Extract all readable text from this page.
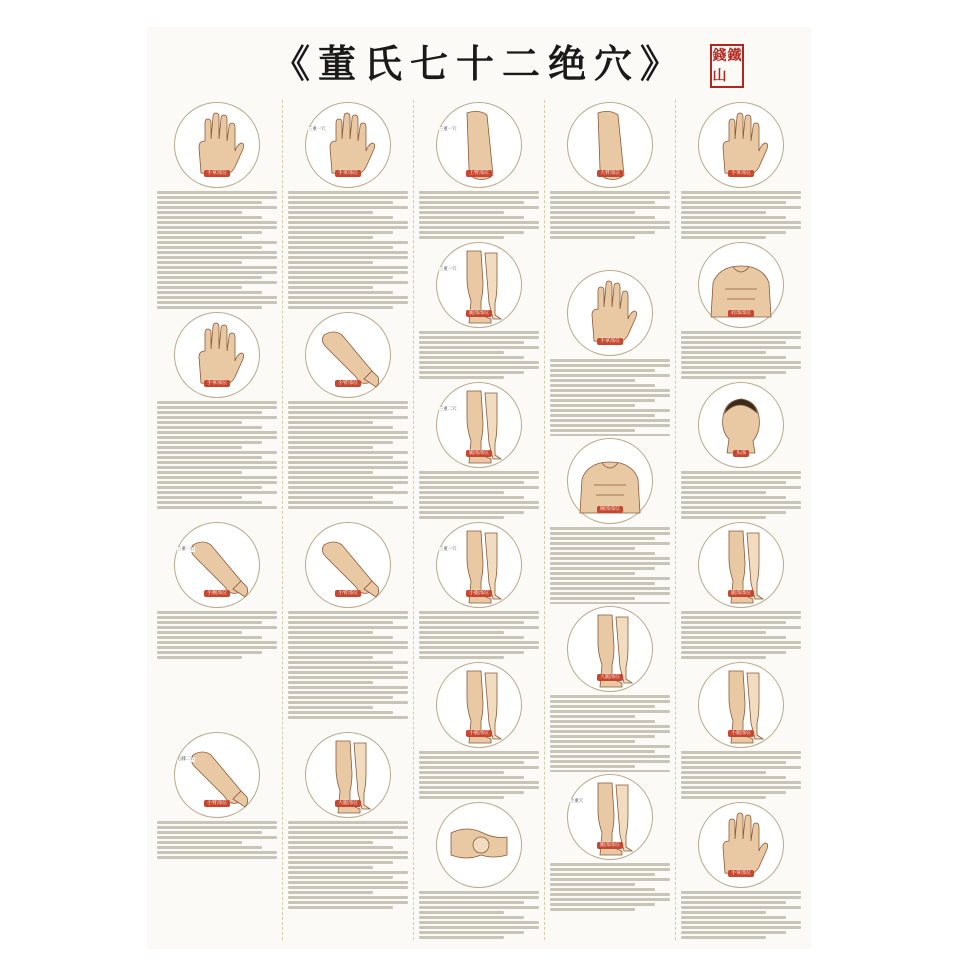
《董氏七十二绝穴》	錢 鐵
山
手掌部位
手掌部位
三重一穴
手腕部位
心膝二穴
小臂部位
三重一穴
手掌部位
小臂部位
小臂部位
大腿部位
三重一穴
上臂部位
三重一穴
腿部部位
三重二穴
腿部部位
三重一穴
小腿部位
小腿部位
大臂部位
手掌部位
胸部部位
大腿部位
上重穴
腿部部位
手掌部位
肩部部位
头部
腿部部位
小腿部位
手掌部位
